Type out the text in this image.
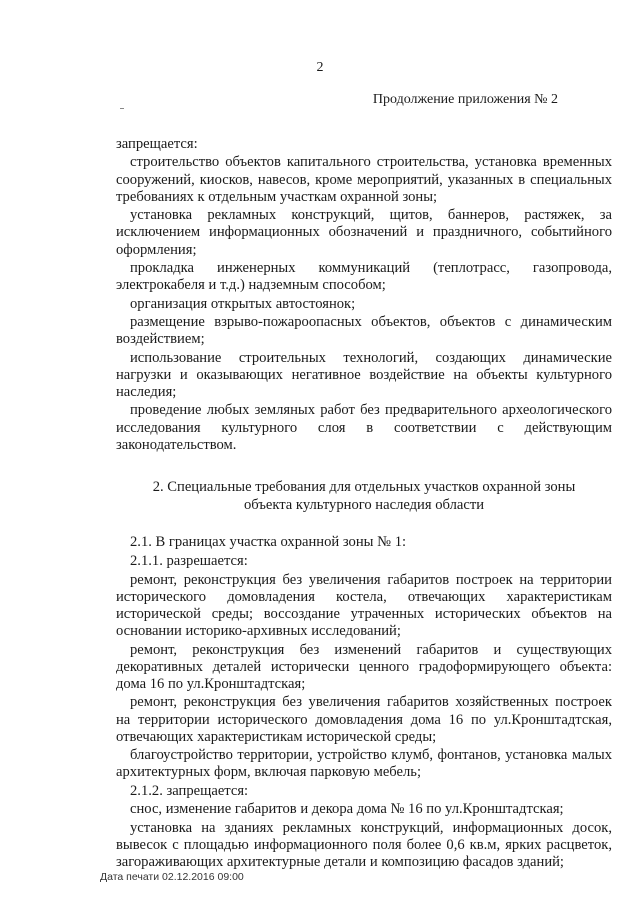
2
Продолжение приложения № 2

запрещается:

строительство объектов капитального строительства, установка временных сооружений, киосков, навесов, кроме мероприятий, указанных в специальных требованиях к отдельным участкам охранной зоны;

установка рекламных конструкций, щитов, баннеров, растяжек, за исключением информационных обозначений и праздничного, событийного оформления;

прокладка инженерных коммуникаций (теплотрасс, газопровода, электрокабеля и т.д.) надземным способом;

организация открытых автостоянок;

размещение взрыво-пожароопасных объектов, объектов с динамическим воздействием;

использование строительных технологий, создающих динамические нагрузки и оказывающих негативное воздействие на объекты культурного наследия;

проведение любых земляных работ без предварительного археологического исследования культурного слоя в соответствии с действующим законодательством.

2. Специальные требования для отдельных участков охранной зоны
объекта культурного наследия области

2.1. В границах участка охранной зоны № 1:

2.1.1. разрешается:

ремонт, реконструкция без увеличения габаритов построек на территории исторического домовладения костела, отвечающих характеристикам исторической среды; воссоздание утраченных исторических объектов на основании историко-архивных исследований;

ремонт, реконструкция без изменений габаритов и существующих декоративных деталей исторически ценного градоформирующего объекта: дома 16 по ул.Кронштадтская;

ремонт, реконструкция без увеличения габаритов хозяйственных построек на территории исторического домовладения дома 16 по ул.Кронштадтская, отвечающих характеристикам исторической среды;

благоустройство территории, устройство клумб, фонтанов, установка малых архитектурных форм, включая парковую мебель;

2.1.2. запрещается:

снос, изменение габаритов и декора дома № 16 по ул.Кронштадтская;

установка на зданиях рекламных конструкций, информационных досок, вывесок с площадью информационного поля более 0,6 кв.м, ярких расцветок, загораживающих архитектурные детали и композицию фасадов зданий;

Дата печати 02.12.2016 09:00
